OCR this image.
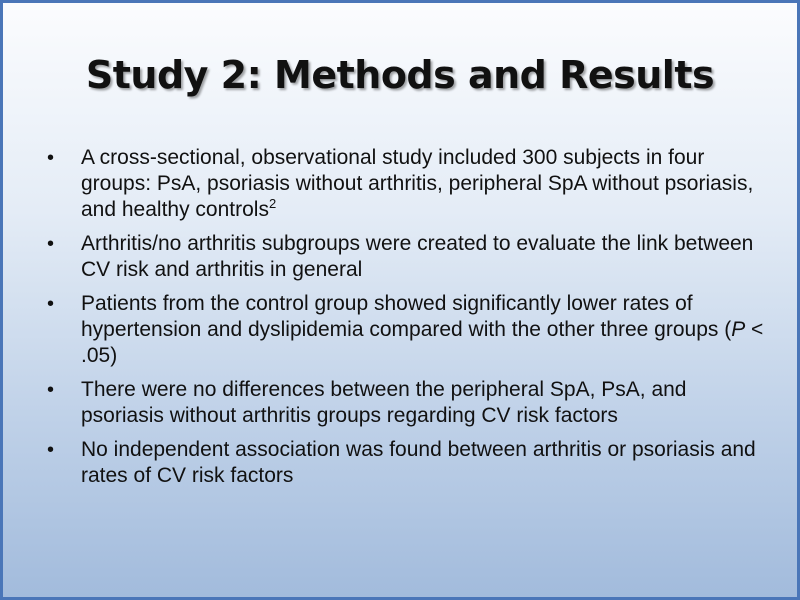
Study 2: Methods and Results
• A cross-sectional, observational study included 300 subjects in four groups: PsA, psoriasis without arthritis, peripheral SpA without psoriasis, and healthy controls$^2$
• Arthritis/no arthritis subgroups were created to evaluate the link between CV risk and arthritis in general
• Patients from the control group showed significantly lower rates of hypertension and dyslipidemia compared with the other three groups (P < .05)
• There were no differences between the peripheral SpA, PsA, and psoriasis without arthritis groups regarding CV risk factors
• No independent association was found between arthritis or psoriasis and rates of CV risk factors
